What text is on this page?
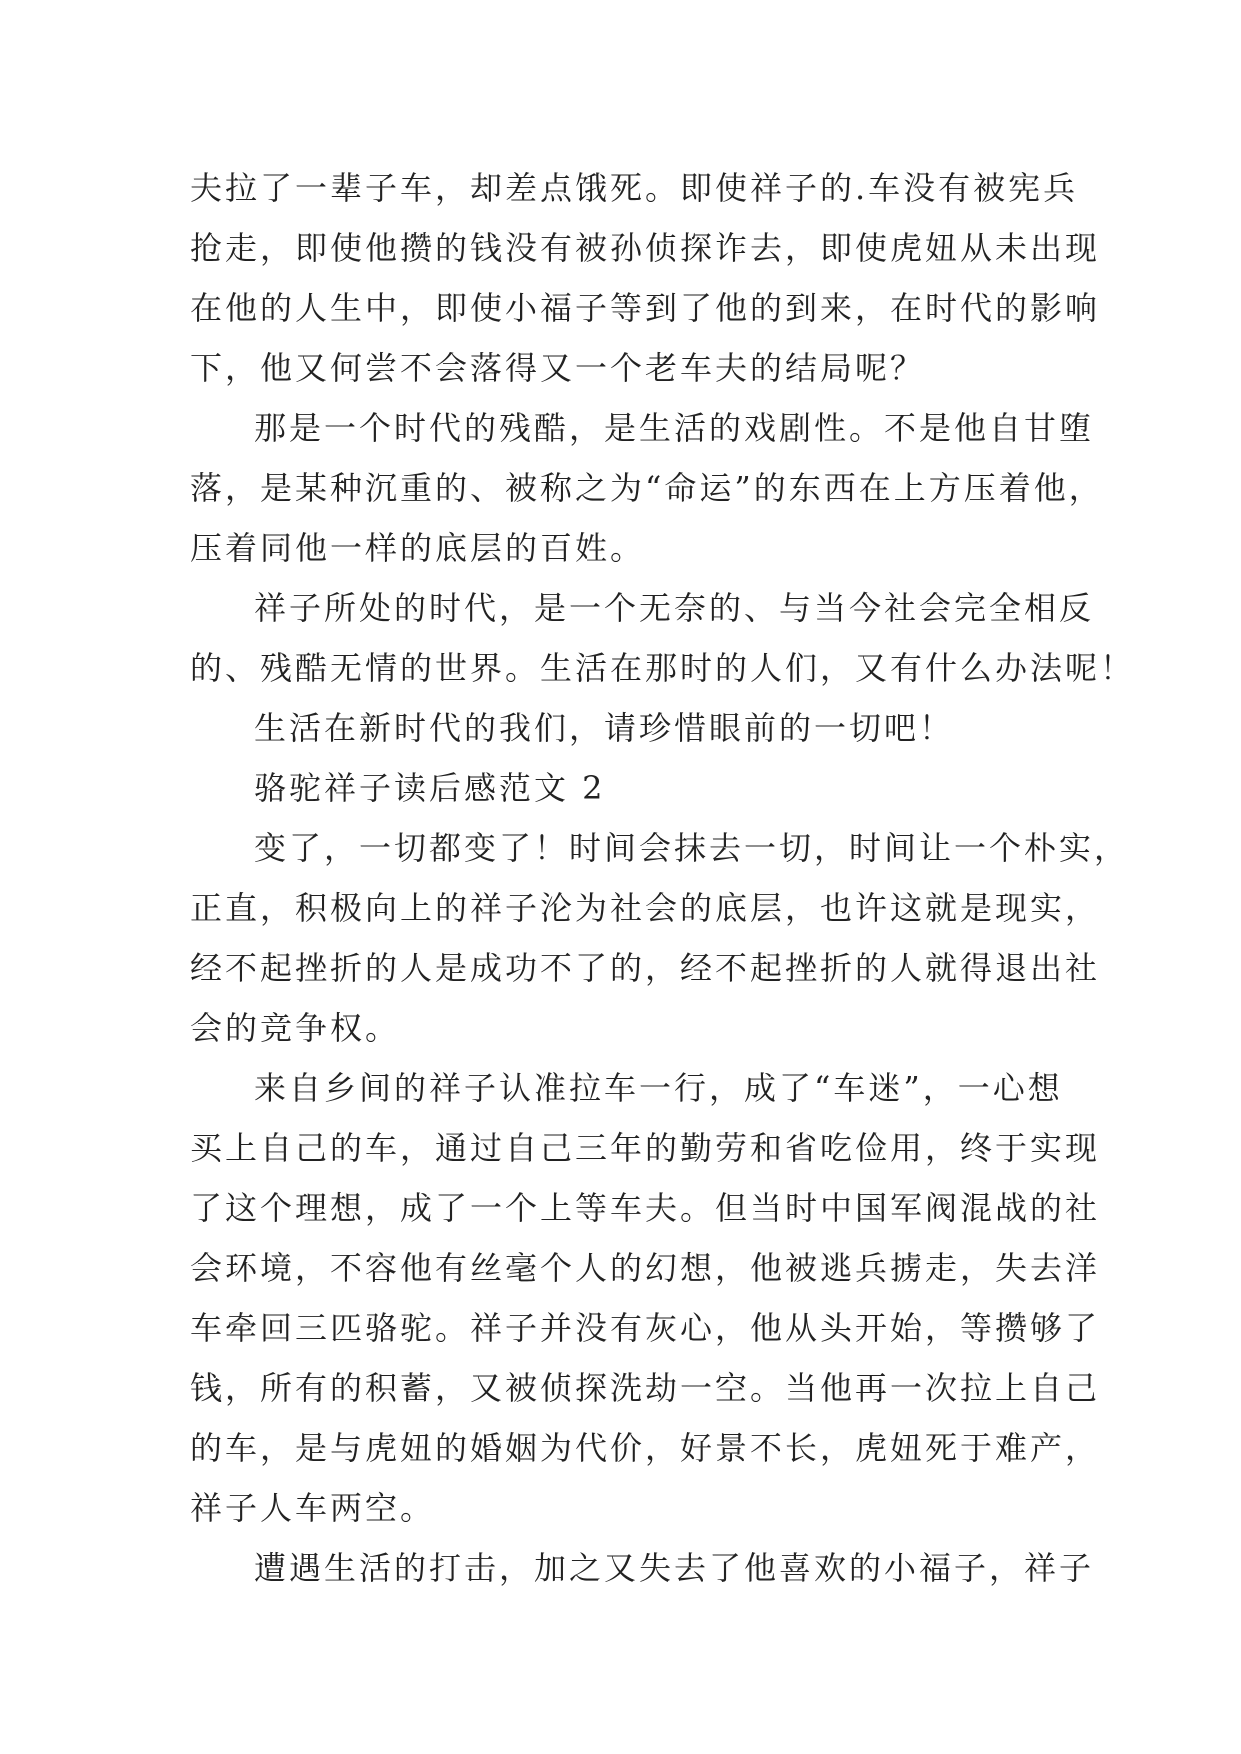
夫拉了一辈子车，却差点饿死。即使祥子的.车没有被宪兵
抢走，即使他攒的钱没有被孙侦探诈去，即使虎妞从未出现
在他的人生中，即使小福子等到了他的到来，在时代的影响
下，他又何尝不会落得又一个老车夫的结局呢？
那是一个时代的残酷，是生活的戏剧性。不是他自甘堕
落，是某种沉重的、被称之为“命运”的东西在上方压着他，
压着同他一样的底层的百姓。
祥子所处的时代，是一个无奈的、与当今社会完全相反
的、残酷无情的世界。生活在那时的人们，又有什么办法呢！
生活在新时代的我们，请珍惜眼前的一切吧！
骆驼祥子读后感范文 2
变了，一切都变了！时间会抹去一切，时间让一个朴实，
正直，积极向上的祥子沦为社会的底层，也许这就是现实，
经不起挫折的人是成功不了的，经不起挫折的人就得退出社
会的竞争权。
来自乡间的祥子认准拉车一行，成了“车迷”，一心想
买上自己的车，通过自己三年的勤劳和省吃俭用，终于实现
了这个理想，成了一个上等车夫。但当时中国军阀混战的社
会环境，不容他有丝毫个人的幻想，他被逃兵掳走，失去洋
车牵回三匹骆驼。祥子并没有灰心，他从头开始，等攒够了
钱，所有的积蓄，又被侦探洗劫一空。当他再一次拉上自己
的车，是与虎妞的婚姻为代价，好景不长，虎妞死于难产，
祥子人车两空。
遭遇生活的打击，加之又失去了他喜欢的小福子，祥子
